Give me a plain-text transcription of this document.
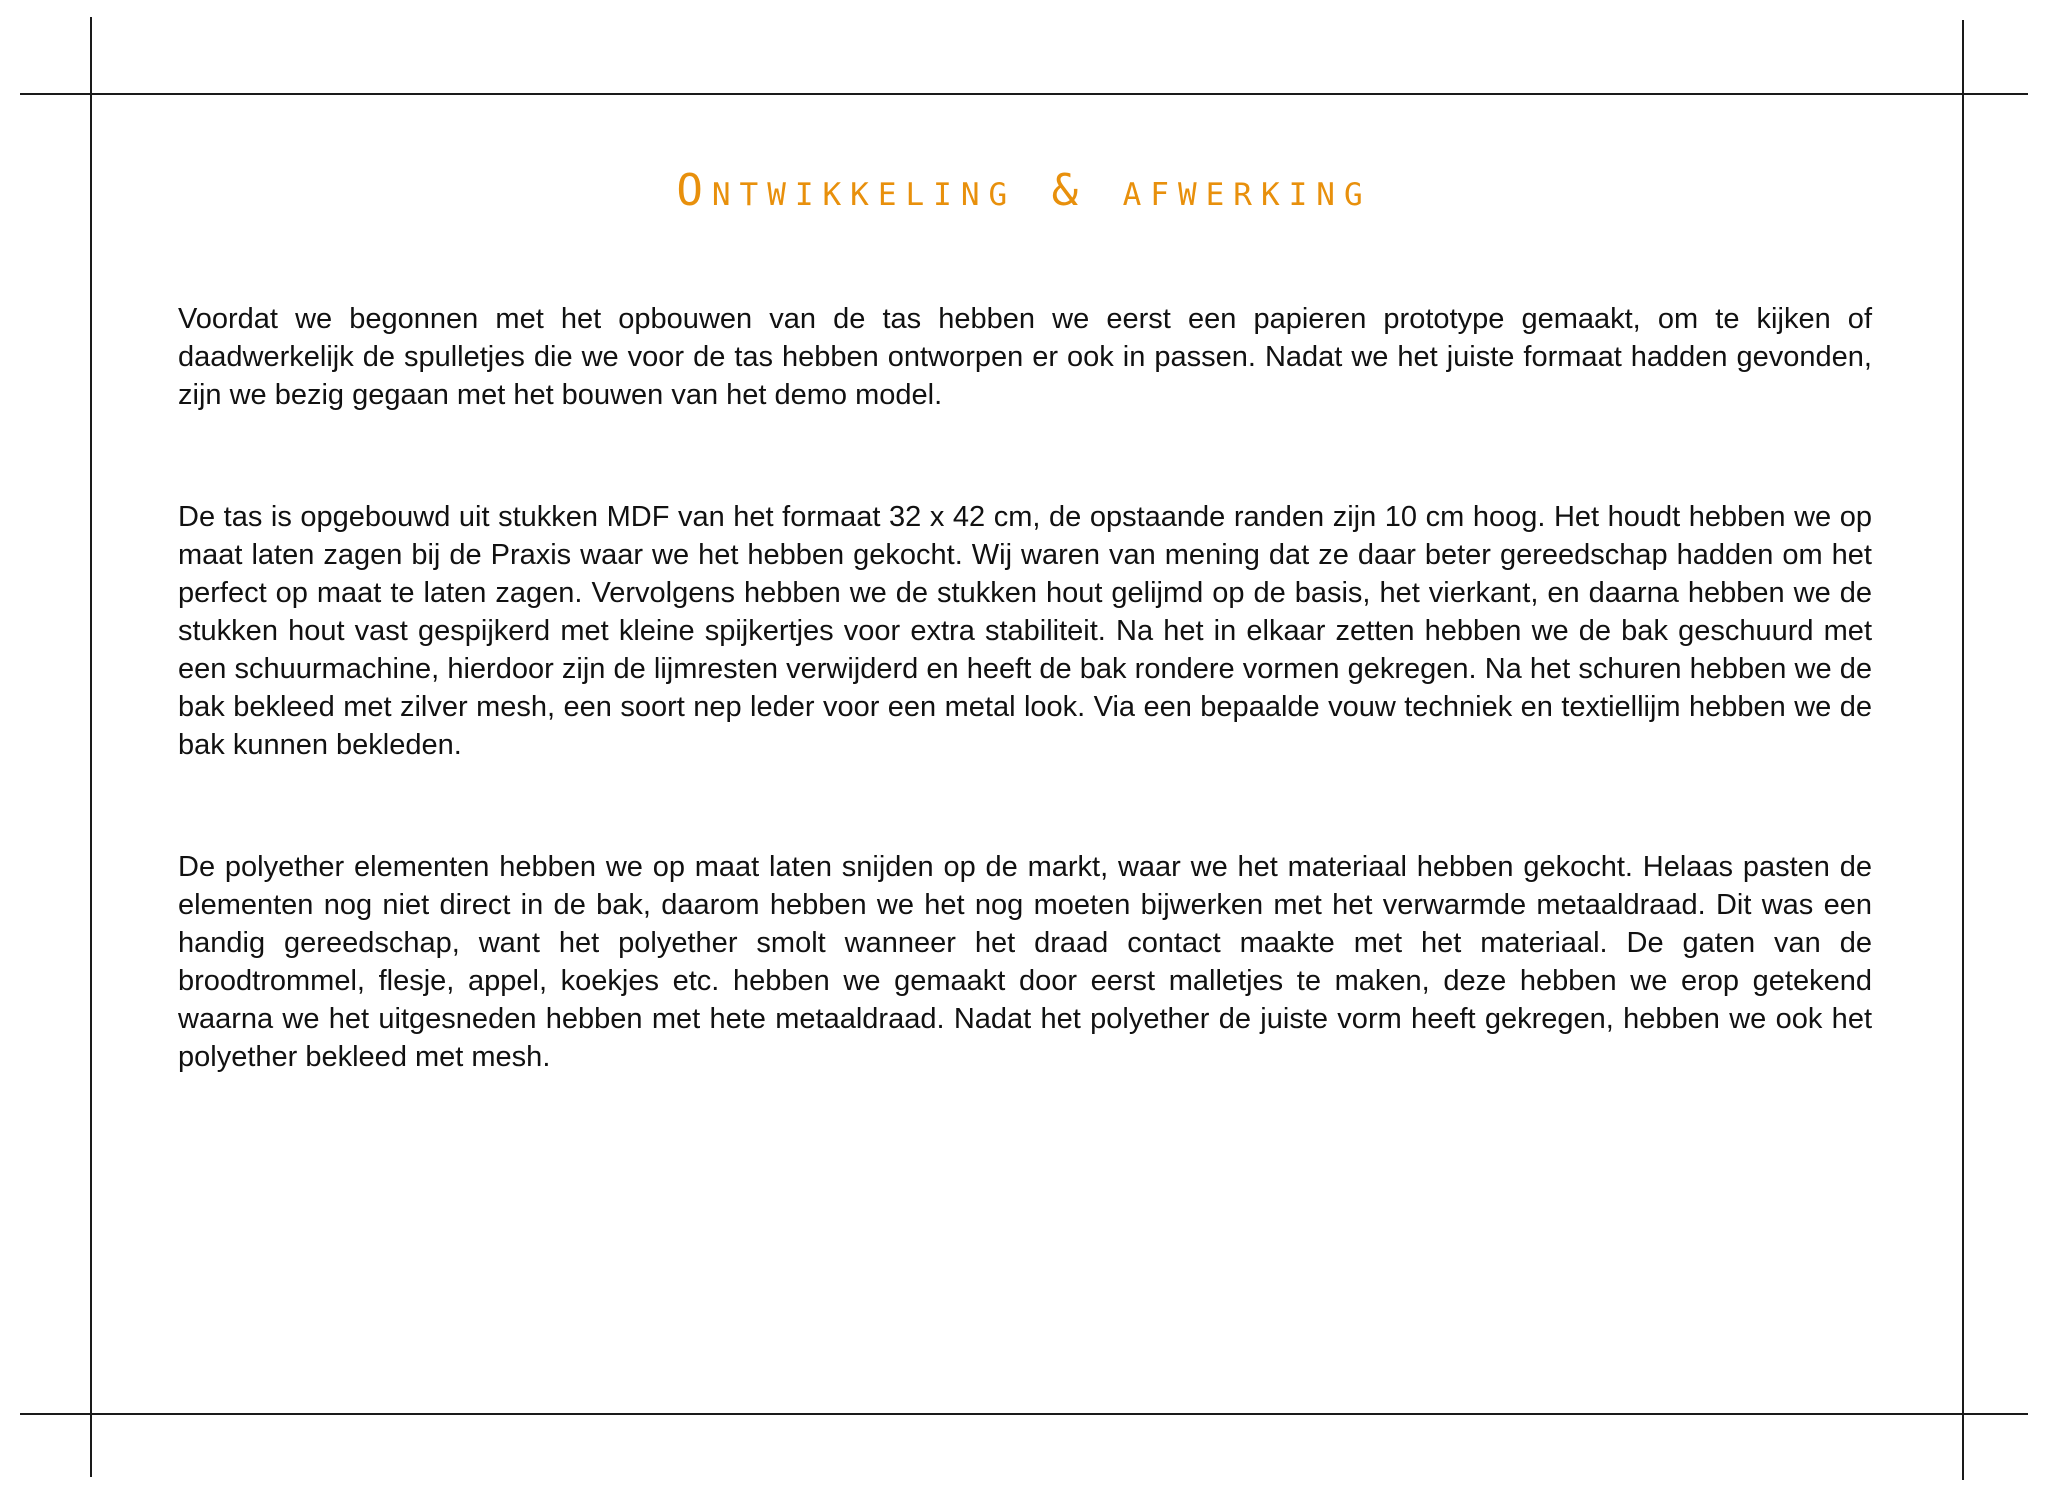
Ontwikkeling & afwerking

Voordat we begonnen met het opbouwen van de tas hebben we eerst een papieren prototype gemaakt, om te kijken of daadwerkelijk de spulletjes die we voor de tas hebben ontworpen er ook in passen. Nadat we het juiste formaat hadden gevonden, zijn we bezig gegaan met het bouwen van het demo model.

De tas is opgebouwd uit stukken MDF van het formaat 32 x 42 cm, de opstaande randen zijn 10 cm hoog. Het houdt hebben we op maat laten zagen bij de Praxis waar we het hebben gekocht. Wij waren van mening dat ze daar beter gereedschap hadden om het perfect op maat te laten zagen. Vervolgens hebben we de stukken hout gelijmd op de basis, het vierkant, en daarna hebben we de stukken hout vast gespijkerd met kleine spijkertjes voor extra stabiliteit. Na het in elkaar zetten hebben we de bak geschuurd met een schuurmachine, hierdoor zijn de lijmresten verwijderd en heeft de bak rondere vormen gekregen. Na het schuren hebben we de bak bekleed met zilver mesh, een soort nep leder voor een metal look. Via een bepaalde vouw techniek en textiellijm hebben we de bak kunnen bekleden.

De polyether elementen hebben we op maat laten snijden op de markt, waar we het materiaal hebben gekocht. Helaas pasten de elementen nog niet direct in de bak, daarom hebben we het nog moeten bijwerken met het verwarmde metaaldraad. Dit was een handig gereedschap, want het polyether smolt wanneer het draad contact maakte met het materiaal. De gaten van de broodtrommel, flesje, appel, koekjes etc. hebben we gemaakt door eerst malletjes te maken, deze hebben we erop getekend waarna we het uitgesneden hebben met hete metaaldraad. Nadat het polyether de juiste vorm heeft gekregen, hebben we ook het polyether bekleed met mesh.
